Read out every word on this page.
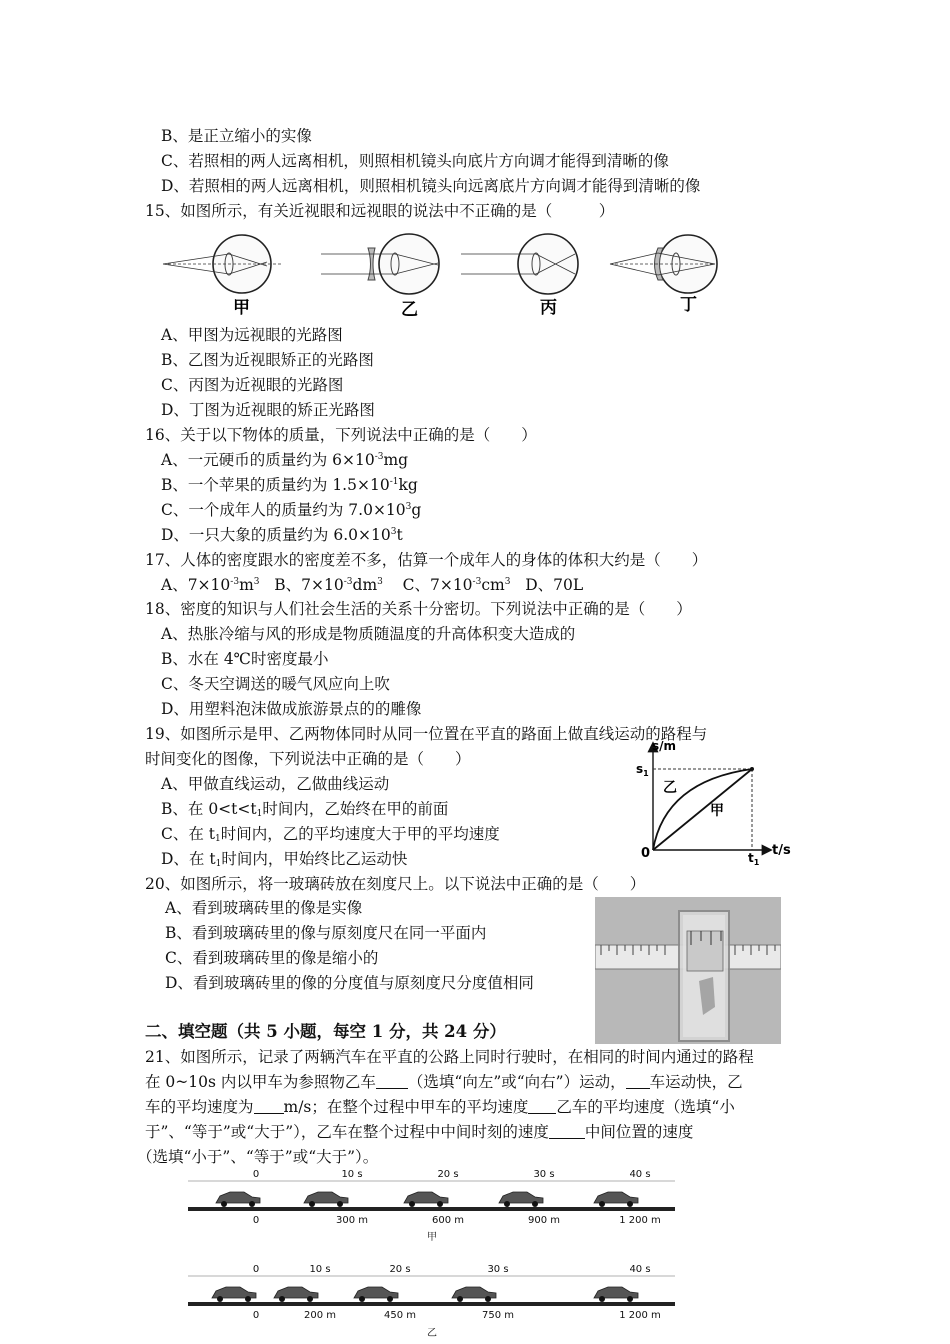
B、是正立缩小的实像
C、若照相的两人远离相机，则照相机镜头向底片方向调才能得到清晰的像
D、若照相的两人远离相机，则照相机镜头向远离底片方向调才能得到清晰的像
15、如图所示，有关近视眼和远视眼的说法中不正确的是（　　　）
甲	乙	丙	丁
A、甲图为远视眼的光路图
B、乙图为近视眼矫正的光路图
C、丙图为近视眼的光路图
D、丁图为近视眼的矫正光路图
16、关于以下物体的质量，下列说法中正确的是（　　）
A、一元硬币的质量约为 $6\times 10^{-3}mg$
B、一个苹果的质量约为 $1.5\times 10^{-1}kg$
C、一个成年人的质量约为 $7.0\times 10^3g$
D、一只大象的质量约为 $6.0\times 10^3t$
17、人体的密度跟水的密度差不多，估算一个成年人的身体的体积大约是（　　）
A、$7\times 10^{-3}m^3$ B、$7\times 10^{-3}dm^3$ C、$7\times 10^{-3}cm^3$ D、70L
18、密度的知识与人们社会生活的关系十分密切。下列说法中正确的是（　　）
A、热胀冷缩与风的形成是物质随温度的升高体积变大造成的
B、水在 4℃时密度最小
C、冬天空调送的暖气风应向上吹
D、用塑料泡沫做成旅游景点的的雕像
19、如图所示是甲、乙两物体同时从同一位置在平直的路面上做直线运动的路程与
时间变化的图像，下列说法中正确的是（　　）
A、甲做直线运动，乙做曲线运动
B、在 $0<t<t_1$时间内，乙始终在甲的前面
C、在 $t_1$时间内，乙的平均速度大于甲的平均速度
D、在 $t_1$时间内，甲始终比乙运动快
s/m
$s_1$
t/s
$t_1$
0
乙
甲
20、如图所示，将一玻璃砖放在刻度尺上。以下说法中正确的是（　　）
A、看到玻璃砖里的像是实像
B、看到玻璃砖里的像与原刻度尺在同一平面内
C、看到玻璃砖里的像是缩小的
D、看到玻璃砖里的像的分度值与原刻度尺分度值相同
二、填空题（共 5 小题，每空 1 分，共 24 分）
21、如图所示，记录了两辆汽车在平直的公路上同时行驶时，在相同的时间内通过的路程
在 0~10s 内以甲车为参照物乙车 （选填“向左”或“向右”）运动， 车运动快，乙
车的平均速度为 m/s；在整个过程中甲车的平均速度 乙车的平均速度（选填“小
于”、“等于”或“大于”），乙车在整个过程中中间时刻的速度 中间位置的速度
（选填“小于”、“等于”或“大于”）。
0	10 s	20 s	30 s	40 s
0	300 m	600 m	900 m	1 200 m
甲
0	10 s	20 s	30 s	40 s
0	200 m	450 m	750 m	1 200 m
乙
